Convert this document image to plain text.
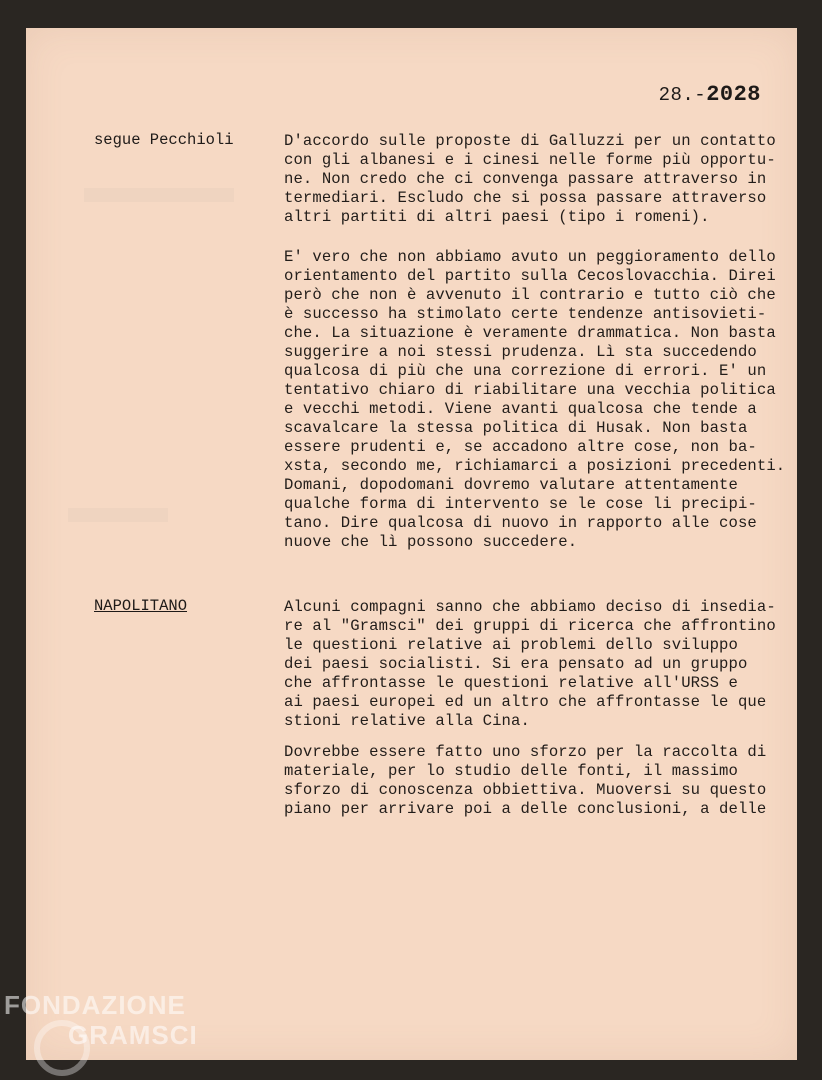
28.-2028
segue Pecchioli	D'accordo sulle proposte di Galluzzi per un contatto
con gli albanesi e i cinesi nelle forme più opportu-
ne. Non credo che ci convenga passare attraverso in
termediari. Escludo che si possa passare attraverso
altri partiti di altri paesi (tipo i romeni).
E' vero che non abbiamo avuto un peggioramento dello
orientamento del partito sulla Cecoslovacchia. Direi
però che non è avvenuto il contrario e tutto ciò che
è successo ha stimolato certe tendenze antisovieti-
che. La situazione è veramente drammatica. Non basta
suggerire a noi stessi prudenza. Lì sta succedendo
qualcosa di più che una correzione di errori. E' un
tentativo chiaro di riabilitare una vecchia politica
e vecchi metodi. Viene avanti qualcosa che tende a
scavalcare la stessa politica di Husak. Non basta
essere prudenti e, se accadono altre cose, non ba-
xsta, secondo me, richiamarci a posizioni precedenti.
Domani, dopodomani dovremo valutare attentamente
qualche forma di intervento se le cose li precipi-
tano. Dire qualcosa di nuovo in rapporto alle cose
nuove che lì possono succedere.
NAPOLITANO	Alcuni compagni sanno che abbiamo deciso di insedia-
re al "Gramsci" dei gruppi di ricerca che affrontino
le questioni relative ai problemi dello sviluppo
dei paesi socialisti. Si era pensato ad un gruppo
che affrontasse le questioni relative all'URSS e
ai paesi europei ed un altro che affrontasse le que
stioni relative alla Cina.
Dovrebbe essere fatto uno sforzo per la raccolta di
materiale, per lo studio delle fonti, il massimo
sforzo di conoscenza obbiettiva. Muoversi su questo
piano per arrivare poi a delle conclusioni, a delle
FONDAZIONE
GRAMSCI
